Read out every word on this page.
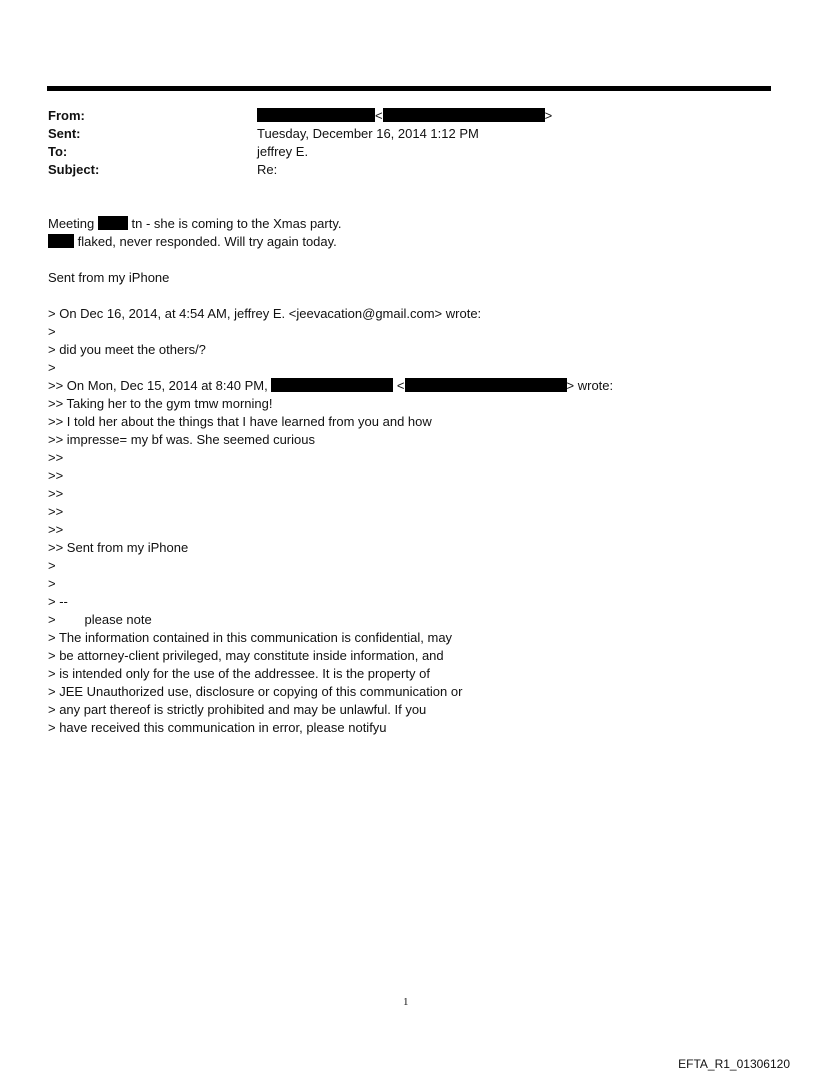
From:	<	>
Sent:	Tuesday, December 16, 2014 1:12 PM
To:	jeffrey E.
Subject:	Re:
Meeting  tn - she is coming to the Xmas party.
flaked, never responded. Will try again today.
Sent from my iPhone
> On Dec 16, 2014, at 4:54 AM, jeffrey E. <jeevacation@gmail.com> wrote:
>
> did you meet the others/?
>
>> On Mon, Dec 15, 2014 at 8:40 PM,	<	> wrote:
>> Taking her to the gym tmw morning!
>> I told her about the things that I have learned from you and how
>> impresse= my bf was. She seemed curious
>>
>>
>>
>>
>>
>> Sent from my iPhone
>
>
> --
>        please note
> The information contained in this communication is confidential, may
> be attorney-client privileged, may constitute inside information, and
> is intended only for the use of the addressee. It is the property of
> JEE Unauthorized use, disclosure or copying of this communication or
> any part thereof is strictly prohibited and may be unlawful. If you
> have received this communication in error, please notifyu
1
EFTA_R1_01306120
